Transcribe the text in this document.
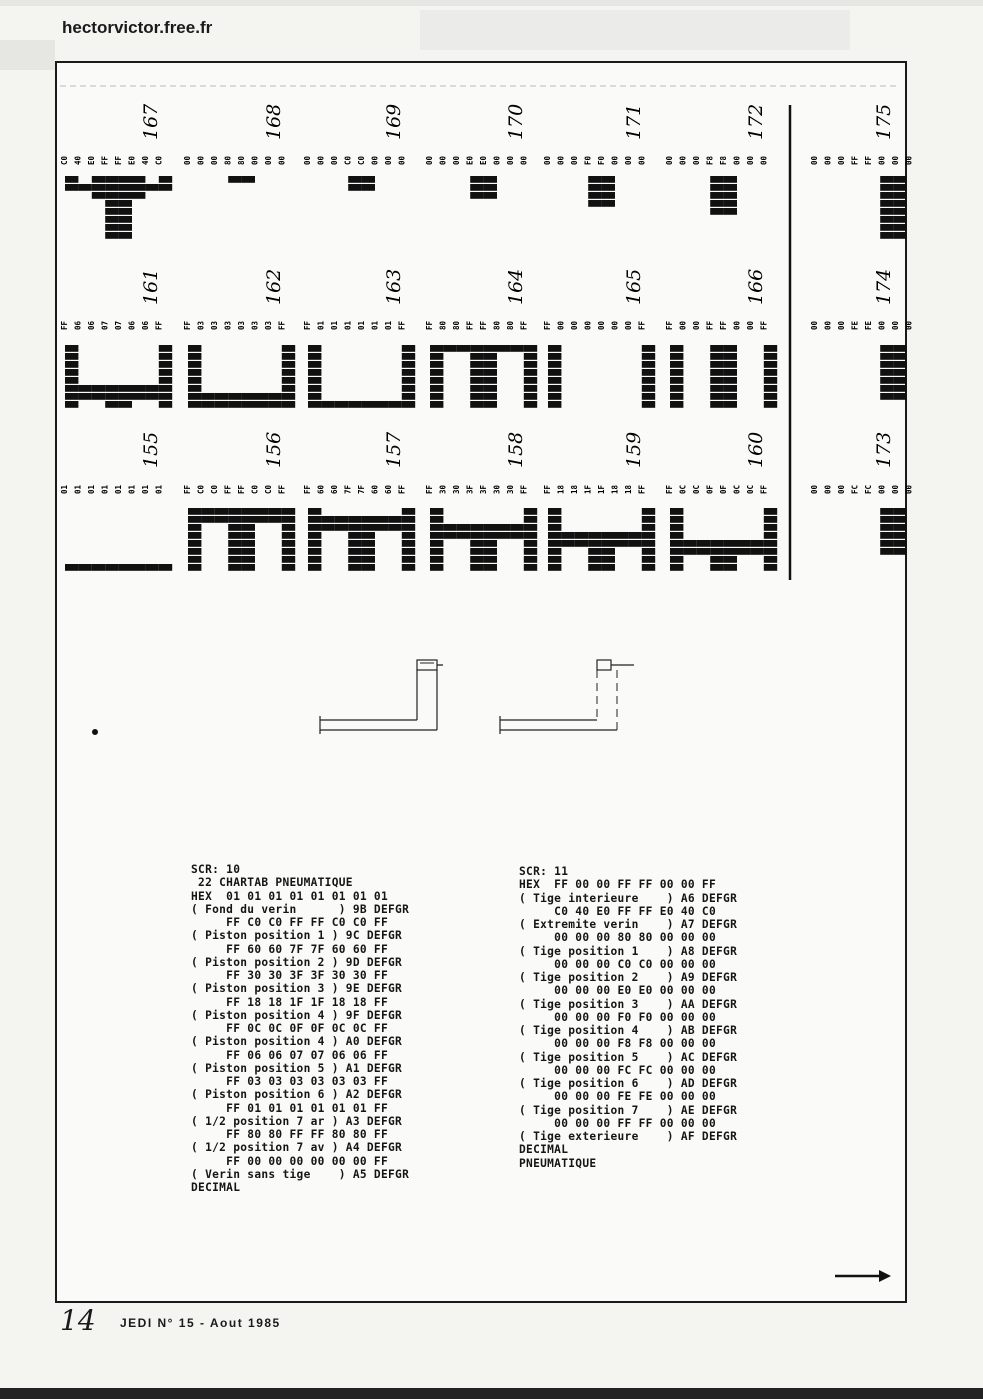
hectorvictor.free.fr
C0 40 E0 FF FF E0 40 C0
167
00 00 00 80 80 00 00 00
168
00 00 00 C0 C0 00 00 00
169
00 00 00 E0 E0 00 00 00
170
00 00 00 F0 F0 00 00 00
171
00 00 00 F8 F8 00 00 00
172
00 00 00 FF FF 00 00 00
175
FF 06 06 07 07 06 06 FF
161
FF 03 03 03 03 03 03 FF
162
FF 01 01 01 01 01 01 FF
163
FF 80 80 FF FF 80 80 FF
164
FF 00 00 00 00 00 00 FF
165
FF 00 00 FF FF 00 00 FF
166
00 00 00 FE FE 00 00 00
174
01 01 01 01 01 01 01 01
155
FF C0 C0 FF FF C0 C0 FF
156
FF 60 60 7F 7F 60 60 FF
157
FF 30 30 3F 3F 30 30 FF
158
FF 18 18 1F 1F 18 18 FF
159
FF 0C 0C 0F 0F 0C 0C FF
160
00 00 00 FC FC 00 00 00
173
SCR: 10
22 CHARTAB PNEUMATIQUE
HEX  01 01 01 01 01 01 01 01
( Fond du verin      ) 9B DEFGR
FF C0 C0 FF FF C0 C0 FF
( Piston position 1 ) 9C DEFGR
FF 60 60 7F 7F 60 60 FF
( Piston position 2 ) 9D DEFGR
FF 30 30 3F 3F 30 30 FF
( Piston position 3 ) 9E DEFGR
FF 18 18 1F 1F 18 18 FF
( Piston position 4 ) 9F DEFGR
FF 0C 0C 0F 0F 0C 0C FF
( Piston position 4 ) A0 DEFGR
FF 06 06 07 07 06 06 FF
( Piston position 5 ) A1 DEFGR
FF 03 03 03 03 03 03 FF
( Piston position 6 ) A2 DEFGR
FF 01 01 01 01 01 01 FF
( 1/2 position 7 ar ) A3 DEFGR
FF 80 80 FF FF 80 80 FF
( 1/2 position 7 av ) A4 DEFGR
FF 00 00 00 00 00 00 FF
( Verin sans tige    ) A5 DEFGR
DECIMAL
SCR: 11
HEX  FF 00 00 FF FF 00 00 FF
( Tige interieure    ) A6 DEFGR
C0 40 E0 FF FF E0 40 C0
( Extremite verin    ) A7 DEFGR
00 00 00 80 80 00 00 00
( Tige position 1    ) A8 DEFGR
00 00 00 C0 C0 00 00 00
( Tige position 2    ) A9 DEFGR
00 00 00 E0 E0 00 00 00
( Tige position 3    ) AA DEFGR
00 00 00 F0 F0 00 00 00
( Tige position 4    ) AB DEFGR
00 00 00 F8 F8 00 00 00
( Tige position 5    ) AC DEFGR
00 00 00 FC FC 00 00 00
( Tige position 6    ) AD DEFGR
00 00 00 FE FE 00 00 00
( Tige position 7    ) AE DEFGR
00 00 00 FF FF 00 00 00
( Tige exterieure    ) AF DEFGR
DECIMAL
PNEUMATIQUE
14 JEDI N° 15 - Aout 1985
